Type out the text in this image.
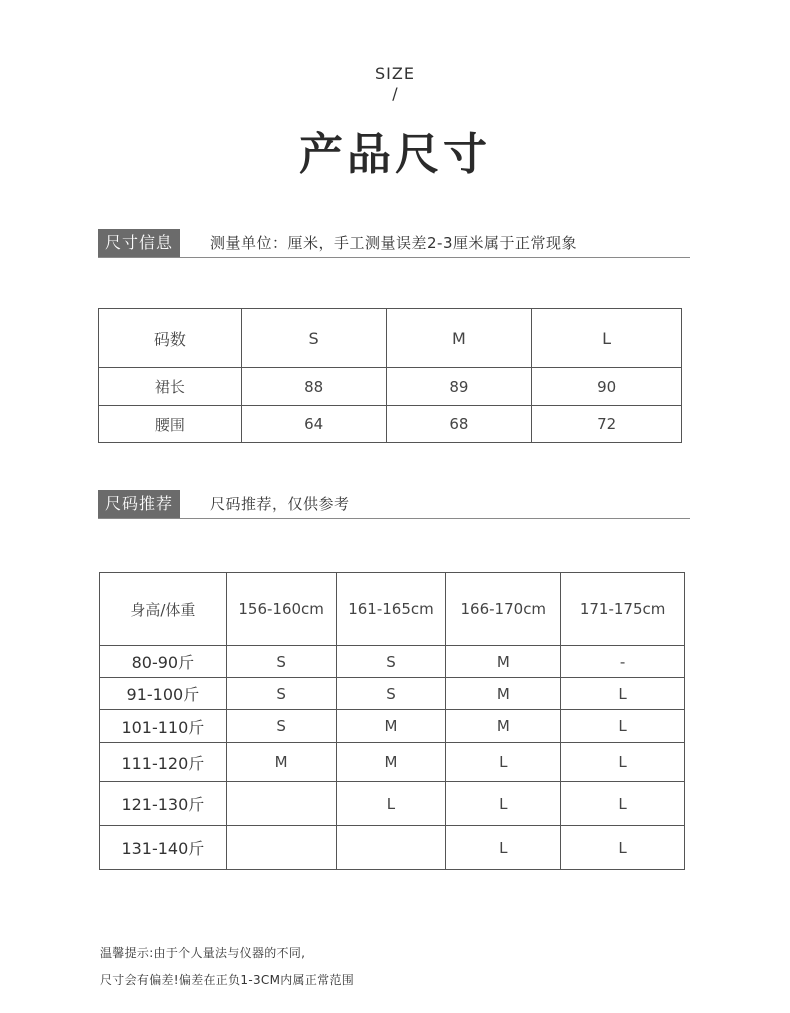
SIZE
/
产品尺寸
尺寸信息	测量单位：厘米，手工测量误差2-3厘米属于正常现象
码数	S	M	L
裙长	88	89	90
腰围	64	68	72
尺码推荐	尺码推荐，仅供参考
身高/体重	156-160cm	161-165cm	166-170cm	171-175cm
80-90斤	S	S	M	-
91-100斤	S	S	M	L
101-110斤	S	M	M	L
111-120斤	M	M	L	L
121-130斤		L	L	L
131-140斤			L	L
温馨提示:由于个人量法与仪器的不同,
尺寸会有偏差!偏差在正负1-3CM内属正常范围
